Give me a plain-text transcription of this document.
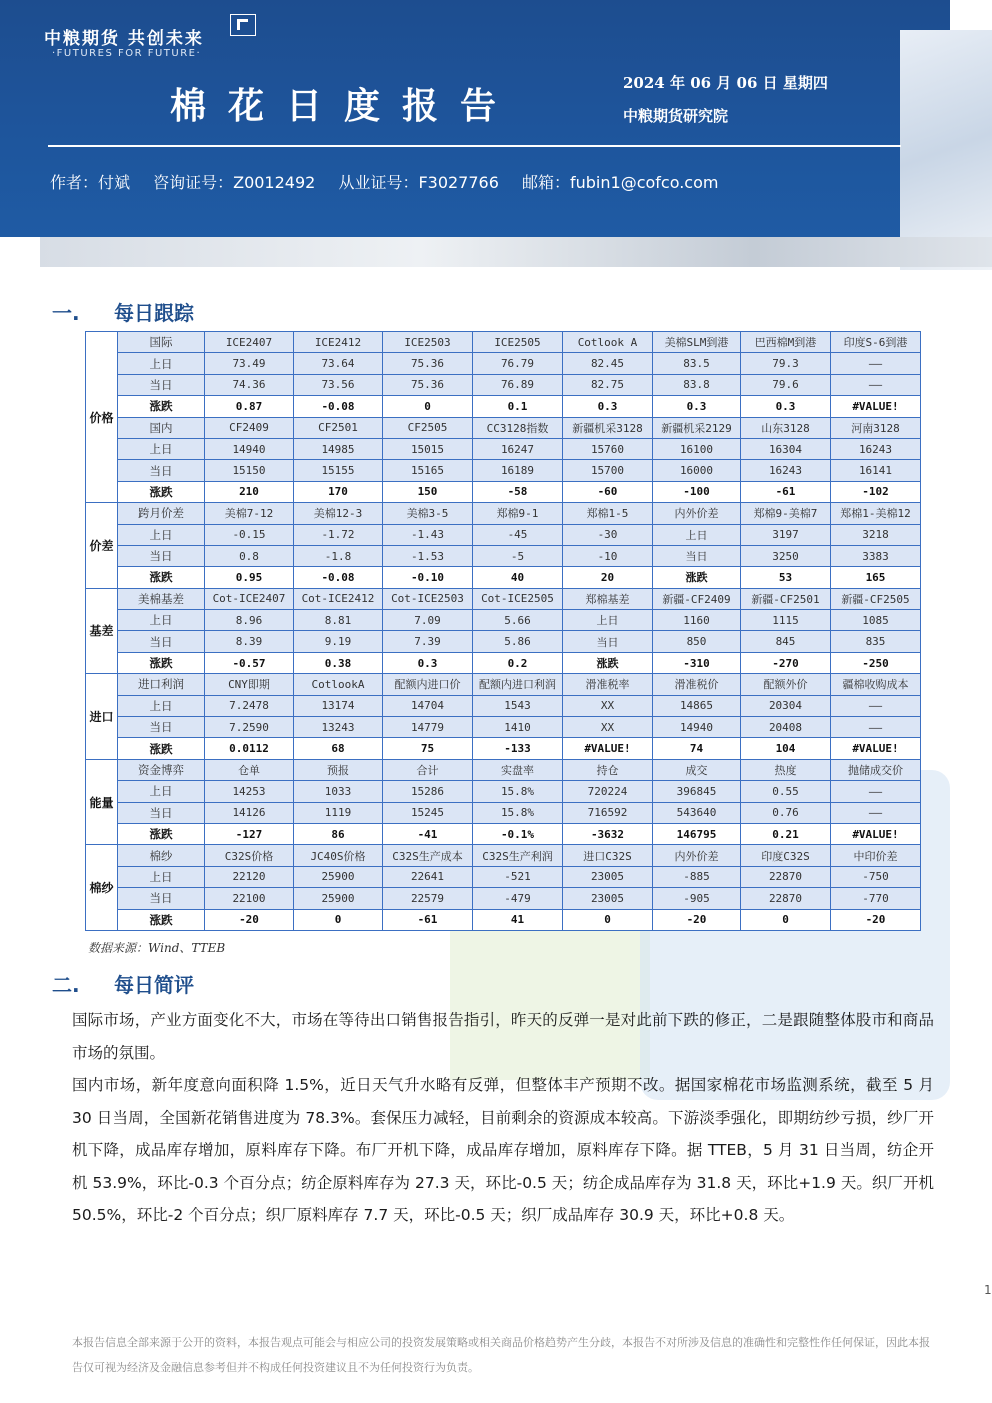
中粮期货 共创未来
·FUTURES FOR FUTURE·
棉花日度报告
2024 年 06 月 06 日 星期四
中粮期货研究院
作者：付斌 咨询证号：Z0012492 从业证号：F3027766 邮箱：fubin1@cofco.com
一. 每日跟踪
价格	国际	ICE2407	ICE2412	ICE2503	ICE2505	Cotlook A	美棉SLM到港	巴西棉M到港	印度S-6到港
	上日	73.49	73.64	75.36	76.79	82.45	83.5	79.3	——
	当日	74.36	73.56	75.36	76.89	82.75	83.8	79.6	——
	涨跌	0.87	-0.08	0	0.1	0.3	0.3	0.3	#VALUE!
	国内	CF2409	CF2501	CF2505	CC3128指数	新疆机采3128	新疆机采2129	山东3128	河南3128
	上日	14940	14985	15015	16247	15760	16100	16304	16243
	当日	15150	15155	15165	16189	15700	16000	16243	16141
	涨跌	210	170	150	-58	-60	-100	-61	-102
价差	跨月价差	美棉7-12	美棉12-3	美棉3-5	郑棉9-1	郑棉1-5	内外价差	郑棉9-美棉7	郑棉1-美棉12
	上日	-0.15	-1.72	-1.43	-45	-30	上日	3197	3218
	当日	0.8	-1.8	-1.53	-5	-10	当日	3250	3383
	涨跌	0.95	-0.08	-0.10	40	20	涨跌	53	165
基差	美棉基差	Cot-ICE2407	Cot-ICE2412	Cot-ICE2503	Cot-ICE2505	郑棉基差	新疆-CF2409	新疆-CF2501	新疆-CF2505
	上日	8.96	8.81	7.09	5.66	上日	1160	1115	1085
	当日	8.39	9.19	7.39	5.86	当日	850	845	835
	涨跌	-0.57	0.38	0.3	0.2	涨跌	-310	-270	-250
进口	进口利润	CNY即期	CotlookA	配额内进口价	配额内进口利润	滑准税率	滑准税价	配额外价	疆棉收购成本
	上日	7.2478	13174	14704	1543	XX	14865	20304	——
	当日	7.2590	13243	14779	1410	XX	14940	20408	——
	涨跌	0.0112	68	75	-133	#VALUE!	74	104	#VALUE!
能量	资金博弈	仓单	预报	合计	实盘率	持仓	成交	热度	抛储成交价
	上日	14253	1033	15286	15.8%	720224	396845	0.55	——
	当日	14126	1119	15245	15.8%	716592	543640	0.76	——
	涨跌	-127	86	-41	-0.1%	-3632	146795	0.21	#VALUE!
棉纱	棉纱	C32S价格	JC40S价格	C32S生产成本	C32S生产利润	进口C32S	内外价差	印度C32S	中印价差
	上日	22120	25900	22641	-521	23005	-885	22870	-750
	当日	22100	25900	22579	-479	23005	-905	22870	-770
	涨跌	-20	0	-61	41	0	-20	0	-20
数据来源：Wind、TTEB
二. 每日简评
国际市场，产业方面变化不大，市场在等待出口销售报告指引，昨天的反弹一是对此前下跌的修正，二是跟随整体股市和商品市场的氛围。
国内市场，新年度意向面积降 1.5%，近日天气升水略有反弹，但整体丰产预期不改。据国家棉花市场监测系统，截至 5 月 30 日当周，全国新花销售进度为 78.3%。套保压力减轻，目前剩余的资源成本较高。下游淡季强化，即期纺纱亏损，纱厂开机下降，成品库存增加，原料库存下降。布厂开机下降，成品库存增加，原料库存下降。据 TTEB，5 月 31 日当周，纺企开机 53.9%，环比-0.3 个百分点；纺企原料库存为 27.3 天，环比-0.5 天；纺企成品库存为 31.8 天，环比+1.9 天。织厂开机 50.5%，环比-2 个百分点；织厂原料库存 7.7 天，环比-0.5 天；织厂成品库存 30.9 天，环比+0.8 天。
1
本报告信息全部来源于公开的资料，本报告观点可能会与相应公司的投资发展策略或相关商品价格趋势产生分歧，本报告不对所涉及信息的准确性和完整性作任何保证，因此本报告仅可视为经济及金融信息参考但并不构成任何投资建议且不为任何投资行为负责。
